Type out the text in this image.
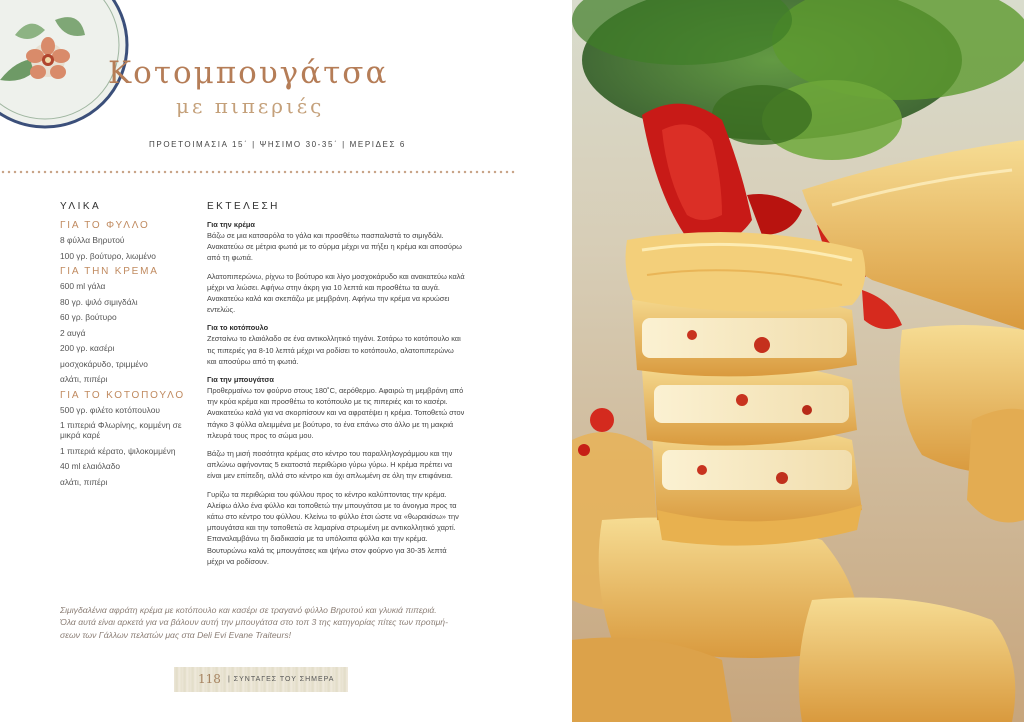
Κοτομπουγάτσα
με πιπεριές
ΠΡΟΕΤΟΙΜΑΣΙΑ 15΄ | ΨΗΣΙΜΟ 30-35΄ | ΜΕΡΙΔΕΣ 6
ΥΛΙΚΑ
ΓΙΑ ΤΟ ΦΥΛΛΟ
8 φύλλα Βηρυτού
100 γρ. βούτυρο, λιωμένο
ΓΙΑ ΤΗΝ ΚΡΕΜΑ
600 ml γάλα
80 γρ. ψιλό σιμιγδάλι
60 γρ. βούτυρο
2 αυγά
200 γρ. κασέρι
μοσχοκάρυδο, τριμμένο
αλάτι, πιπέρι
ΓΙΑ ΤΟ ΚΟΤΟΠΟΥΛΟ
500 γρ. φιλέτο κοτόπουλου
1 πιπεριά Φλωρίνης, κομμένη σε μικρά καρέ
1 πιπεριά κέρατο, ψιλοκομμένη
40 ml ελαιόλαδο
αλάτι, πιπέρι
ΕΚΤΕΛΕΣΗ
Για την κρέμα

Βάζω σε μια κατσαρόλα το γάλα και προσθέτω πασπαλιστά το σιμιγδάλι. Ανακατεύω σε μέτρια φωτιά με το σύρμα μέχρι να πήξει η κρέμα και αποσύρω από τη φωτιά.

Αλατοπιπερώνω, ρίχνω το βούτυρο και λίγο μοσχοκάρυδο και ανακατεύω καλά μέχρι να λιώσει. Αφήνω στην άκρη για 10 λεπτά και προσθέτω τα αυγά. Ανακατεύω καλά και σκεπάζω με μεμβράνη. Αφήνω την κρέμα να κρυώσει εντελώς.

Για το κοτόπουλο

Ζεσταίνω το ελαιόλαδο σε ένα αντικολλητικό τηγάνι. Σοτάρω το κοτόπουλο και τις πιπεριές για 8-10 λεπτά μέχρι να ροδίσει το κοτόπουλο, αλατοπιπερώνω και αποσύρω από τη φωτιά.

Για την μπουγάτσα

Προθερμαίνω τον φούρνο στους 180˚C, αερόθερμο. Αφαιρώ τη μεμβράνη από την κρύα κρέμα και προσθέτω το κοτόπουλο με τις πιπεριές και το κασέρι. Ανακατεύω καλά για να σκορπίσουν και να αφρατέψει η κρέμα. Τοποθετώ στον πάγκο 3 φύλλα αλειμμένα με βούτυρο, το ένα επάνω στο άλλο με τη μακριά πλευρά τους προς το σώμα μου.

Βάζω τη μισή ποσότητα κρέμας στο κέντρο του παραλληλογράμμου και την απλώνω αφήνοντας 5 εκατοστά περιθώριο γύρω γύρω. Η κρέμα πρέπει να είναι μεν επίπεδη, αλλά στο κέντρο και όχι απλωμένη σε όλη την επιφάνεια.

Γυρίζω τα περιθώρια του φύλλου προς το κέντρο καλύπτοντας την κρέμα. Αλείφω άλλο ένα φύλλο και τοποθετώ την μπουγάτσα με το άνοιγμα προς τα κάτω στο κέντρο του φύλλου. Κλείνω το φύλλο έτσι ώστε να «θωρακίσω» την μπουγάτσα και την τοποθετώ σε λαμαρίνα στρωμένη με αντικολλητικό χαρτί. Επαναλαμβάνω τη διαδικασία με τα υπόλοιπα φύλλα και την κρέμα. Βουτυρώνω καλά τις μπουγάτσες και ψήνω στον φούρνο για 30-35 λεπτά μέχρι να ροδίσουν.

Σιμιγδαλένια αφράτη κρέμα με κοτόπουλο και κασέρι σε τραγανό φύλλο Βηρυτού και γλυκιά πιπεριά.
Όλα αυτά είναι αρκετά για να βάλουν αυτή την μπουγάτσα στο τοπ 3 της κατηγορίας πίτες των προτιμή-
σεων των Γάλλων πελατών μας στα Deli Evi Evane Traiteurs!
118 | ΣΥΝΤΑΓΕΣ ΤΟΥ ΣΗΜΕΡΑ
